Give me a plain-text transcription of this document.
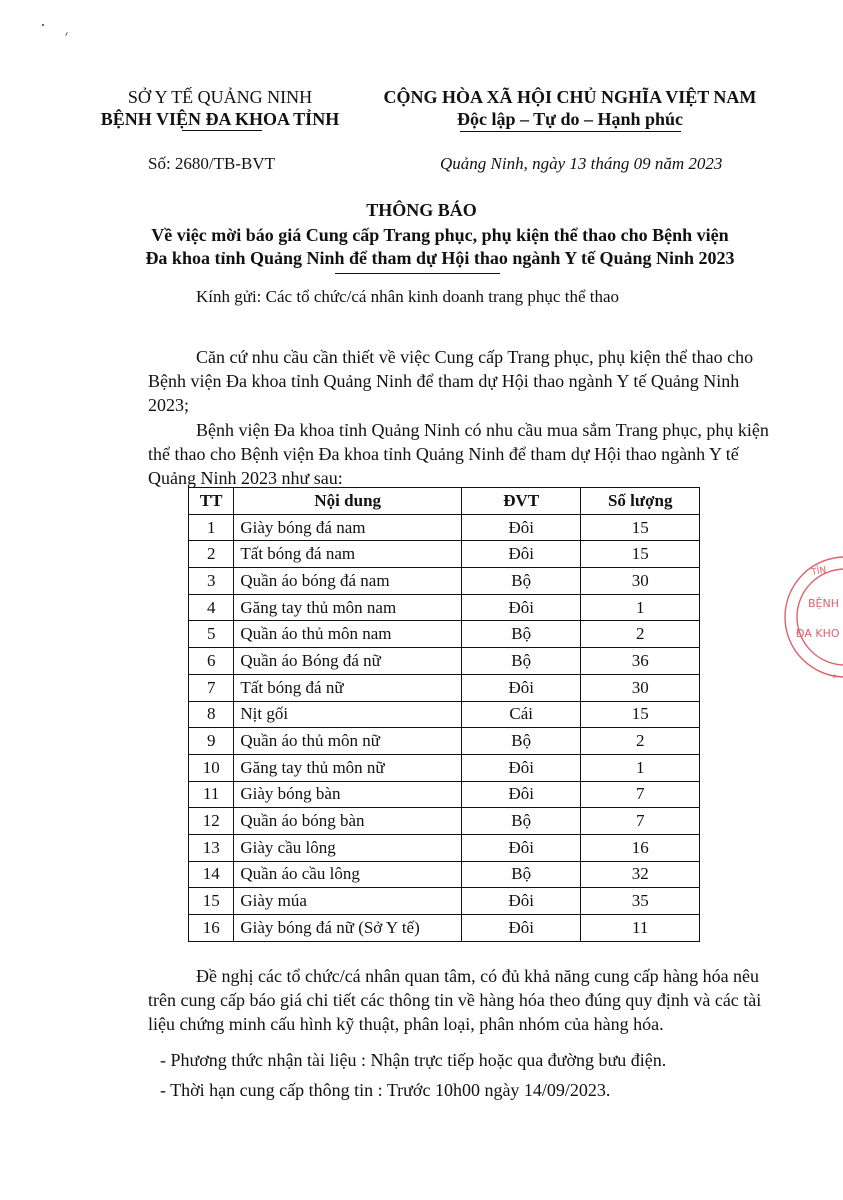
SỞ Y TẾ QUẢNG NINH
BỆNH VIỆN ĐA KHOA TỈNH
CỘNG HÒA XÃ HỘI CHỦ NGHĨA VIỆT NAM
Độc lập – Tự do – Hạnh phúc
Số: 2680/TB-BVT	Quảng Ninh, ngày 13 tháng 09 năm 2023
THÔNG BÁO
Về việc mời báo giá Cung cấp Trang phục, phụ kiện thể thao cho Bệnh viện
Đa khoa tỉnh Quảng Ninh để tham dự Hội thao ngành Y tế Quảng Ninh 2023
Kính gửi: Các tổ chức/cá nhân kinh doanh trang phục thể thao
Căn cứ nhu cầu cần thiết về việc Cung cấp Trang phục, phụ kiện thể thao cho Bệnh viện Đa khoa tỉnh Quảng Ninh để tham dự Hội thao ngành Y tế Quảng Ninh 2023;
Bệnh viện Đa khoa tỉnh Quảng Ninh có nhu cầu mua sắm Trang phục, phụ kiện thể thao cho Bệnh viện Đa khoa tỉnh Quảng Ninh để tham dự Hội thao ngành Y tế Quảng Ninh 2023 như sau:
TT	Nội dung	ĐVT	Số lượng
1	Giày bóng đá nam	Đôi	15
2	Tất bóng đá nam	Đôi	15
3	Quần áo bóng đá nam	Bộ	30
4	Găng tay thủ môn nam	Đôi	1
5	Quần áo thủ môn nam	Bộ	2
6	Quần áo Bóng đá nữ	Bộ	36
7	Tất bóng đá nữ	Đôi	30
8	Nịt gối	Cái	15
9	Quần áo thủ môn nữ	Bộ	2
10	Găng tay thủ môn nữ	Đôi	1
11	Giày bóng bàn	Đôi	7
12	Quần áo bóng bàn	Bộ	7
13	Giày cầu lông	Đôi	16
14	Quần áo cầu lông	Bộ	32
15	Giày múa	Đôi	35
16	Giày bóng đá nữ (Sở Y tế)	Đôi	11
Đề nghị các tổ chức/cá nhân quan tâm, có đủ khả năng cung cấp hàng hóa nêu trên cung cấp báo giá chi tiết các thông tin về hàng hóa theo đúng quy định và các tài liệu chứng minh cấu hình kỹ thuật, phân loại, phân nhóm của hàng hóa.
- Phương thức nhận tài liệu : Nhận trực tiếp hoặc qua đường bưu điện.
- Thời hạn cung cấp thông tin : Trước 10h00 ngày 14/09/2023.
TỈN
BỆNH
ĐA KHO
*
